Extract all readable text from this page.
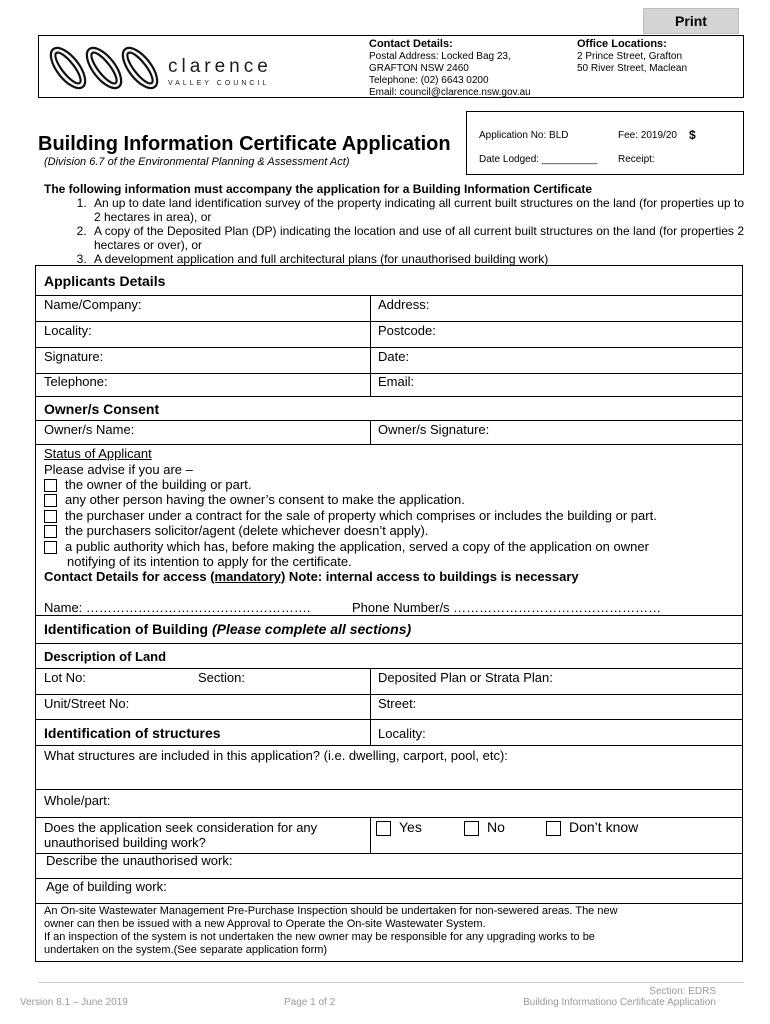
Print
clarence
VALLEY COUNCIL
Contact Details:
Postal Address: Locked Bag 23,
GRAFTON NSW 2460
Telephone: (02) 6643 0200
Email: council@clarence.nsw.gov.au
Office Locations:
2 Prince Street, Grafton
50 River Street, Maclean
Building Information Certificate Application
(Division 6.7 of the Environmental Planning & Assessment Act)
Application No: BLD	Fee: 2019/20 $
Date Lodged: __________ Receipt:
The following information must accompany the application for a Building Information Certificate
1. An up to date land identification survey of the property indicating all current built structures on the land (for properties up to 2 hectares in area), or
2. A copy of the Deposited Plan (DP) indicating the location and use of all current built structures on the land (for properties 2 hectares or over), or
3. A development application and full architectural plans (for unauthorised building work)
Applicants Details
Name/Company:	Address:
Locality:	Postcode:
Signature:	Date:
Telephone:	Email:
Owner/s Consent
Owner/s Name:	Owner/s Signature:
Status of Applicant
Please advise if you are –
the owner of the building or part.
any other person having the owner’s consent to make the application.
the purchaser under a contract for the sale of property which comprises or includes the building or part.
the purchasers solicitor/agent (delete whichever doesn’t apply).
a public authority which has, before making the application, served a copy of the application on owner
notifying of its intention to apply for the certificate.
Contact Details for access (mandatory) Note: internal access to buildings is necessary
Name: …………………………………………….	Phone Number/s …………………………………………
Identification of Building (Please complete all sections)
Description of Land
Lot No:	Section:	Deposited Plan or Strata Plan:
Unit/Street No:	Street:
Identification of structures	Locality:
What structures are included in this application? (i.e. dwelling, carport, pool, etc):
Whole/part:
Does the application seek consideration for any
unauthorised building work?
Yes	No	Don’t know
Describe the unauthorised work:
Age of building work:
An On-site Wastewater Management Pre-Purchase Inspection should be undertaken for non-sewered areas. The new
owner can then be issued with a new Approval to Operate the On-site Wastewater System.
If an inspection of the system is not undertaken the new owner may be responsible for any upgrading works to be
undertaken on the system.(See separate application form)
Version 8.1 – June 2019	Page 1 of 2
Section: EDRS
Building Informationo Certificate Application
